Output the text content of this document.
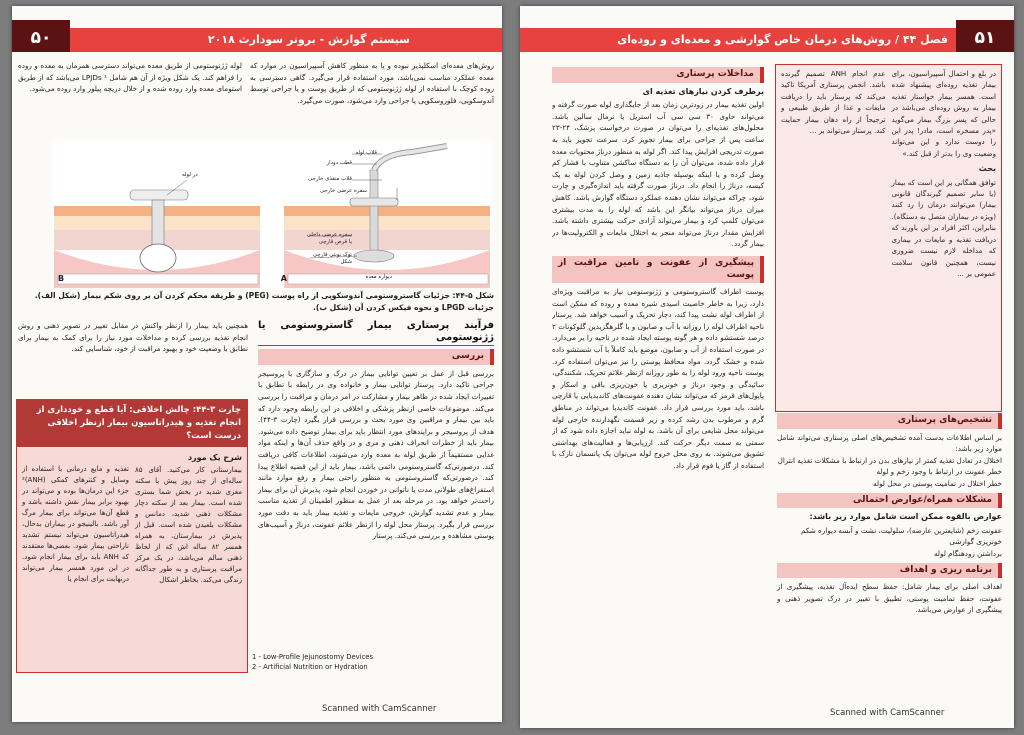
۵۰	سیستم گوارش - برونر سودارث ۲۰۱۸
روش‌های معده‌ای اسکلپذیر نبوده و یا به منظور کاهش آسپیراسیون در موارد که معده عملکرد مناسب نمی‌باشد، مورد استفاده قرار می‌گیرد. گاهی دسترسی به روده کوچک با استفاده از لوله ژژنوستومی که از طریق پوست و یا جراحی توسط آندوسکوپی، فلوروسکوپی یا جراحی وارد می‌شود، صورت می‌گیرد.
لوله ژژنوستومی از طریق معده می‌تواند دسترسی همزمان به معده و روده را فراهم کند. یک شکل ویژه از آن هم شامل LPJDs ¹ می‌باشد که از طریق استومای معده وارد روده شده و از خلال دریچه پیلور وارد روده می‌شود.
قلاب لوله
قطب دودار
قلاب منفذی خارجی
سفره عرضی خارجی
سفره عرضی داخلی یا قرص قارچی
نوک نوبتی قارچی شکل
دیواره معده
A
در لوله
B
شکل ۵-۴۴: جزئیات گاستروستومی آندوسکوپی از راه پوست (PEG) و طریقه محکم کردن آن بر روی شکم بیمار (شکل الف). جزئیات LPGD و نحوه فیکس کردن آن (شکل ب).
همچنین باید بیمار را ازنظر واکنش در مقابل تغییر در تصویر ذهنی و روش انجام تغذیه بررسی کرده و مداخلات مورد نیاز را برای کمک به بیمار برای تطابق با وضعیت خود و بهبود مراقبت از خود، شناسایی کند.
چارت ۳-۴۴: چالش اخلاقی: آیا قطع و خودداری از انجام تغذیه و هیدراتاسیون بیمار ازنظر اخلاقی درست است؟
شرح یک مورد
بیمارستانی کار می‌کنید. آقای ۸۵ ساله‌ای از چند روز پیش با سکته مغزی شدید در بخش شما بستری شده است. بیمار بعد از سکته دچار مشکلات ذهنی شدید، دمانس و مشکلات بلعیدن شده است. قبل از پذیرش در بیمارستان، به همراه همسر ۸۲ ساله اش که از لحاظ ذهنی سالم می‌باشد، در یک مرکز مراقبت پرستاری و به طور جداگانه زندگی می‌کند. بخاطر اشکال
تغذیه و مایع درمانی با استفاده از وسایل و کنترهای کمکی (ANH)² جزء این درمان‌ها بوده و می‌تواند در بهبود برابر بیمار نقش داشته باشد و قطع آن‌ها می‌تواند برای بیمار مرگ آور باشد. بالینیجو در بیماران بدحال، هیدراتاسیون می‌تواند نیستم تشدید ناراحتی بیمار شود. بعضی‌ها معتقدند که ANH باید برای بیمار انجام شود. در این مورد همسر بیمار می‌تواند درنهایت برای انجام یا
فرآیند پرستاری بیمار گاستروستومی یا ژژنوستومی
بررسی
بررسی قبل از عمل بر تعیین توانایی بیمار در درک و سازگاری با پروسیجر جراحی تاکید دارد. پرستار توانایی بیمار و خانواده وی در رابطه با تطابق با تغییرات ایجاد شده در ظاهر بیمار و مشارکت در امر درمان و مراقبت را بررسی می‌کند. موضوعات خاصی ازنظر پزشکی و اخلاقی در این رابطه وجود دارد که باید بین بیمار و مراقبین وی مورد بحث و بررسی قرار بگیرد (چارت ۳-۴۴). هدف از پروسیجر و برایندهای مورد انتظار باید برای بیمار توضیح داده می‌شود. بیمار باید از خطرات انحراف ذهنی و مری و در واقع حذف آن‌ها و اینکه مواد غذایی مستقیماً از طریق لوله به معده وارد می‌شوند، اطلاعات کافی دریافت کند. درصورتی‌که گاستروستومی دائمی باشد، بیمار باید از این قضیه اطلاع پیدا کند. درصورتی‌که گاستروستومی به منظور راحتی بیمار و رفع موارد مانند استفراغ‌های طولانی مدت یا ناتوانی در خوردن انجام شود، پذیرش آن برای بیمار راحت‌تر خواهد بود. در مرحله بعد از عمل به منظور اطمینان از تغذیه مناسب بیمار و عدم تشدید گوارش، خروجی مایعات و تغذیه بیمار باید به دقت مورد بررسی قرار بگیرد. پرستار محل لوله را ازنظر علائم عفونت، درناژ و آسیب‌های پوستی مشاهده و بررسی می‌کند. پرستار
1 - Low-Profile Jejunostomy Devices
2 - Artificial Nutrition or Hydration
Scanned with CamScanner
۵۱
فصل ۴۴ / روش‌های درمان خاص گوارشی و معده‌ای و روده‌ای
مداخلات پرستاری
برطرف کردن نیازهای تغذیه ای
اولین تغذیه بیمار در زودترین زمان بعد از جایگذاری لوله صورت گرفته و می‌تواند حاوی ۳۰ سی سی آب استریل یا نرمال سالین باشد. محلول‌های تغذیه‌ای را می‌توان در صورت درخواست پزشک، ۲۴-۲۳ ساعت پس از جراحی برای بیمار تجویز کرد. سرعت تجویز باید به صورت تدریجی افزایش پیدا کند. اگر لوله به منظور درناژ محتویات معده قرار داده شده، می‌توان آن را به دستگاه ساکشن متناوب با فشار کم وصل کرده و یا اینکه بوسیله جاذبه زمین و وصل کردن لوله به یک کیسه، درناژ را انجام داد. درناژ صورت گرفته باید اندازه‌گیری و چارت شود، چراکه می‌تواند نشان دهنده عملکرد دستگاه گوارش باشد. کاهش میزان درناژ می‌تواند بیانگر این باشد که لوله را به مدت بیشتری می‌توان کلمپ کرد و بیمار می‌تواند آزادی حرکت بیشتری داشته باشد. افزایش مقدار درناژ می‌تواند منجر به اختلال مایعات و الکترولیت‌ها در بیمار گردد.
پیشگیری از عفونت و تامین مراقبت از پوست
پوست اطراف گاستروستومی و ژژنوستومی نیاز به مراقبت ویژه‌ای دارد، زیرا به خاطر خاصیت اسیدی شیره معده و روده که ممکن است از اطراف لوله نشت پیدا کند، دچار تحریک و آسیب خواهد شد. پرستار ناحیه اطراف لوله را روزانه با آب و صابون و یا گلرهگزیدین گلوکونات ۲ درصد شستشو داده و هر گونه پوسته ایجاد شده در ناحیه را بر می‌دارد. در صورت استفاده از آب و صابون، موضع باید کاملاً با آب شستشو داده شده و خشک گردد. مواد محافظ پوستی را نیز می‌توان استفاده کرد. پوست ناحیه ورود لوله را به طور روزانه ازنظر علائم تحریک، شکنندگی، سائیدگی و وجود درناژ و خونریزی یا خون‌ریزی باقی و اسکار و پاپول‌های قرمز که می‌تواند نشان دهنده عفونت‌های کاندیدیایی یا قارچی باشد، باید مورد بررسی قرار داد. عفونت کاندیدیا می‌تواند در مناطق گرم و مرطوب بدن رشد کرده و زیر قسمت نگهدارنده خارجی لوله می‌تواند محل شایعی برای آن باشد. به لوله نباید اجازه داده شود که از سمتی به سمت دیگر حرکت کند. ارزیابی‌ها و فعالیت‌های بهداشتی تشویق می‌شوند. به روی محل خروج لوله می‌توان یک پانسمان نازک با استفاده از گاز یا فوم قرار داد.
در بلع و احتمال آسپیراسیون، برای بیمار تغذیه روده‌ای پیشنهاد شده است. همسر بیمار خواستار تغذیه بیمار به روش روده‌ای می‌باشد در حالی که پسر بزرگ بیمار می‌گوید «پدر مسخره است، مادر! پدر این را دوست ندارد و این می‌تواند وضعیت وی را بدتر از قبل کند.»
بحث
توافق همگانی بر این است که بیمار (یا سایر تصمیم گیرندگان قانونی بیمار) می‌توانند درمان را رد کنند (ویژه در بیماران متصل به دستگاه). بنابراین، اکثر افراد بر این باورند که دریافت تغذیه و مایعات در بیماری که مداخله لازم نیست ضروری نیست، همچنین قانون سلامت عمومی بر ...
عدم انجام ANH تصمیم گیرنده باشد. انجمن پرستاری آمریکا تاکید می‌کند که پرستار باید را دریافت مایعات و غذا از طریق طبیعی و ترجیحاً از راه دهان بیمار حمایت کند. پرستار می‌تواند بر ...
تشخیص‌های پرستاری
بر اساس اطلاعات بدست آمده تشخیص‌های اصلی پرستاری می‌تواند شامل موارد زیر باشد:
اختلال در تعادل تغذیه کمتر از نیازهای بدن در ارتباط با مشکلات تغذیه انترال
خطر عفونت در ارتباط با وجود زخم و لوله
خطر اختلال در تمامیت پوستی در محل لوله
مشکلات همراه/عوارض احتمالی
عوارض بالقوه ممکن است شامل موارد زیر باشد:
عفونت زخم (شایعترین عارضه)، سلولیت، نشت و آبسه دیواره شکم
خونریزی گوارشی
برداشتن زودهنگام لوله
برنامه ریزی و اهداف
اهداف اصلی برای بیمار شامل: حفظ سطح ایده‌آل تغذیه، پیشگیری از عفونت، حفظ تمامیت پوستی، تطبیق با تغییر در درک تصویر ذهنی و پیشگیری از عوارض می‌باشد.
Scanned with CamScanner
